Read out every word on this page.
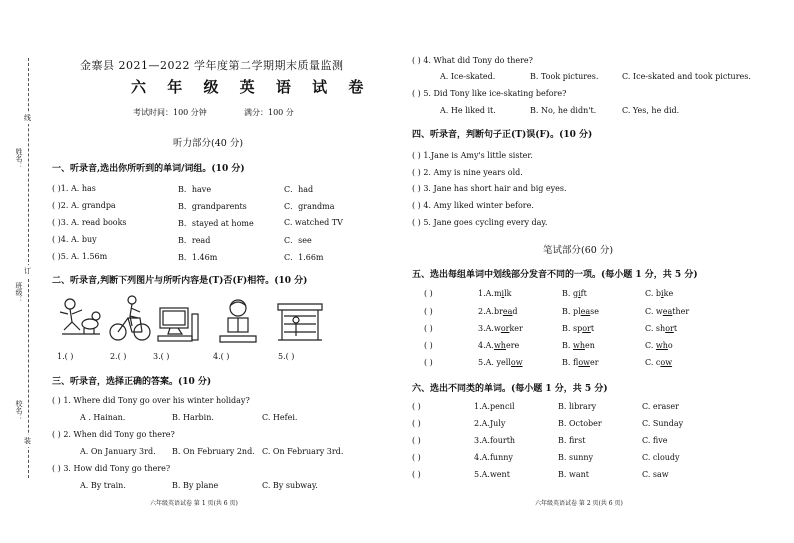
线
订
装
姓名：
班级：
校名：
金寨县 2021—2022 学年度第二学期期末质量监测
六 年 级 英 语 试 卷
考试时间：100 分钟	满分：100 分
听力部分(40 分)
一、听录音,选出你所听到的单词/词组。(10 分)
( )1. A. has	B．have	C．had
( )2. A. grandpa	B．grandparents	C．grandma
( )3. A. read books	B．stayed at home	C. watched TV
( )4. A. buy	B．read	C．see
( )5. A. 1.56m	B．1.46m	C．1.66m
二、听录音,判断下列图片与所听内容是(T)否(F)相符。(10 分)
1.( )	2.( )	3.( )	4.( )	5.( )
三、听录音，选择正确的答案。(10 分)
( ) 1. Where did Tony go over his winter holiday?
A . Hainan.	B. Harbin.	C. Hefei.
( ) 2. When did Tony go there?
A. On January 3rd. B. On February 2nd. C. On February 3rd.
( ) 3. How did Tony go there?
A. By train.	B. By plane	C. By subway.
六年级英语试卷 第 1 页(共 6 页)
( ) 4. What did Tony do there?
A. Ice-skated.	B. Took pictures.	C. Ice-skated and took pictures.
( ) 5. Did Tony like ice-skating before?
A. He liked it.	B. No, he didn't.	C. Yes, he did.
四、听录音，判断句子正(T)误(F)。(10 分)
( ) 1.Jane is Amy's little sister.
( ) 2. Amy is nine years old.
( ) 3. Jane has short hair and big eyes.
( ) 4. Amy liked winter before.
( ) 5. Jane goes cycling every day.
笔试部分(60 分)
五、选出每组单词中划线部分发音不同的一项。(每小题 1 分，共 5 分)
( )	1.A.milk	B. gift	C. bike
( )	2.A.bread	B. please	C. weather
( )	3.A.worker	B. sport	C. short
( )	4.A.where	B. when	C. who
( )	5.A. yellow	B. flower	C. cow
六、选出不同类的单词。(每小题 1 分，共 5 分)
( )	1.A.pencil	B. library	C. eraser
( )	2.A.July	B. October	C. Sunday
( )	3.A.fourth	B. first	C. five
( )	4.A.funny	B. sunny	C. cloudy
( )	5.A.went	B. want	C. saw
六年级英语试卷 第 2 页(共 6 页)
